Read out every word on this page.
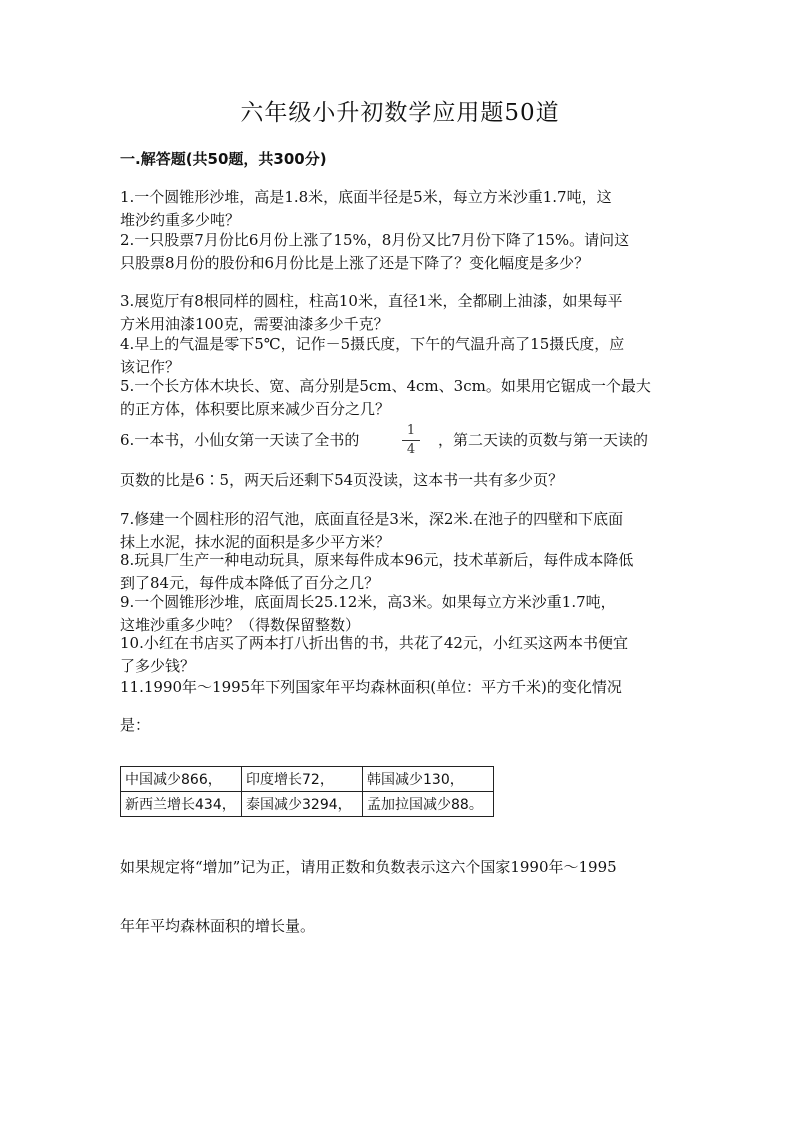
六年级小升初数学应用题50道
一.解答题(共50题，共300分)
1.一个圆锥形沙堆，高是1.8米，底面半径是5米，每立方米沙重1.7吨，这
堆沙约重多少吨？
2.一只股票7月份比6月份上涨了15%，8月份又比7月份下降了15%。请问这
只股票8月份的股份和6月份比是上涨了还是下降了？变化幅度是多少？
3.展览厅有8根同样的圆柱，柱高10米，直径1米，全都刷上油漆，如果每平
方米用油漆100克，需要油漆多少千克？
4.早上的气温是零下5℃，记作－5摄氏度，下午的气温升高了15摄氏度，应
该记作？
5.一个长方体木块长、宽、高分别是5cm、4cm、3cm。如果用它锯成一个最大
的正方体，体积要比原来减少百分之几？
6.一本书，小仙女第一天读了全书的
1
4
，第二天读的页数与第一天读的
页数的比是6∶5，两天后还剩下54页没读，这本书一共有多少页？
7.修建一个圆柱形的沼气池，底面直径是3米，深2米.在池子的四壁和下底面
抹上水泥，抹水泥的面积是多少平方米？
8.玩具厂生产一种电动玩具，原来每件成本96元，技术革新后，每件成本降低
到了84元，每件成本降低了百分之几？
9.一个圆锥形沙堆，底面周长25.12米，高3米。如果每立方米沙重1.7吨，
这堆沙重多少吨？（得数保留整数）
10.小红在书店买了两本打八折出售的书，共花了42元，小红买这两本书便宜
了多少钱？
11.1990年～1995年下列国家年平均森林面积(单位：平方千米)的变化情况
是：
中国减少866，	印度增长72，	韩国减少130，
新西兰增长434，	泰国减少3294，	孟加拉国减少88。
如果规定将“增加”记为正，请用正数和负数表示这六个国家1990年～1995
年年平均森林面积的增长量。
